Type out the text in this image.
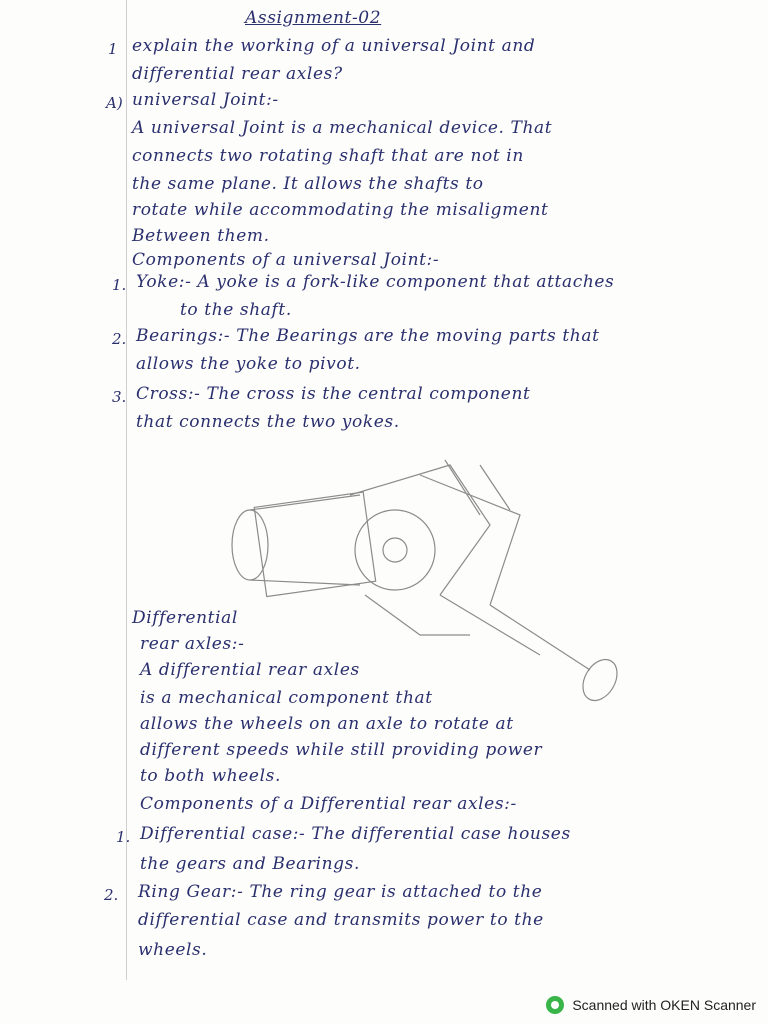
Assignment-02
1 explain the working of a universal Joint and
differential rear axles?
A) universal Joint:-
A universal Joint is a mechanical device. That
connects two rotating shaft that are not in
the same plane. It allows the shafts to
rotate while accommodating the misaligment
Between them.
Components of a universal Joint:-
1. Yoke:- A yoke is a fork-like component that attaches
to the shaft.
2. Bearings:- The Bearings are the moving parts that
allows the yoke to pivot.
3. Cross:- The cross is the central component
that connects the two yokes.
Differential
rear axles:-
A differential rear axles
is a mechanical component that
allows the wheels on an axle to rotate at
different speeds while still providing power
to both wheels.
Components of a Differential rear axles:-
1. Differential case:- The differential case houses
the gears and Bearings.
2. Ring Gear:- The ring gear is attached to the
differential case and transmits power to the
wheels.
Scanned with OKEN Scanner
